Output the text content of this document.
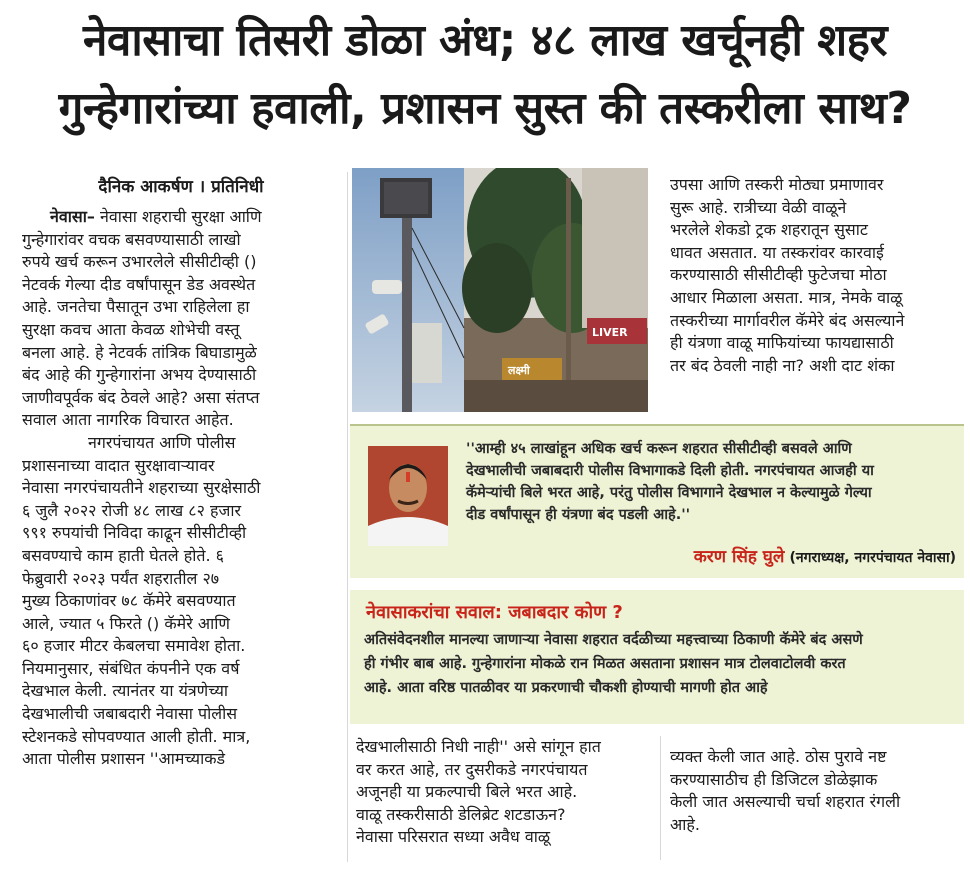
नेवासाचा तिसरी डोळा अंध; ४८ लाख खर्चूनही शहर
गुन्हेगारांच्या हवाली, प्रशासन सुस्त की तस्करीला साथ?
दैनिक आकर्षण । प्रतिनिधी
नेवासा– नेवासा शहराची सुरक्षा आणि
गुन्हेगारांवर वचक बसवण्यासाठी लाखो
रुपये खर्च करून उभारलेले सीसीटीव्ही ()
नेटवर्क गेल्या दीड वर्षांपासून डेड अवस्थेत
आहे. जनतेचा पैसातून उभा राहिलेला हा
सुरक्षा कवच आता केवळ शोभेची वस्तू
बनला आहे. हे नेटवर्क तांत्रिक बिघाडामुळे
बंद आहे की गुन्हेगारांना अभय देण्यासाठी
जाणीवपूर्वक बंद ठेवले आहे? असा संतप्त
सवाल आता नागरिक विचारत आहेत.
नगरपंचायत आणि पोलीस
प्रशासनाच्या वादात सुरक्षावाऱ्यावर
नेवासा नगरपंचायतीने शहराच्या सुरक्षेसाठी
६ जुलै २०२२ रोजी ४८ लाख ८२ हजार
९९१ रुपयांची निविदा काढून सीसीटीव्ही
बसवण्याचे काम हाती घेतले होते. ६
फेब्रुवारी २०२३ पर्यंत शहरातील २७
मुख्य ठिकाणांवर ७८ कॅमेरे बसवण्यात
आले, ज्यात ५ फिरते () कॅमेरे आणि
६० हजार मीटर केबलचा समावेश होता.
नियमानुसार, संबंधित कंपनीने एक वर्ष
देखभाल केली. त्यानंतर या यंत्रणेच्या
देखभालीची जबाबदारी नेवासा पोलीस
स्टेशनकडे सोपवण्यात आली होती. मात्र,
आता पोलीस प्रशासन ''आमच्याकडे
LIVER
लक्ष्मी
उपसा आणि तस्करी मोठ्या प्रमाणावर
सुरू आहे. रात्रीच्या वेळी वाळूने
भरलेले शेकडो ट्रक शहरातून सुसाट
धावत असतात. या तस्करांवर कारवाई
करण्यासाठी सीसीटीव्ही फुटेजचा मोठा
आधार मिळाला असता. मात्र, नेमके वाळू
तस्करीच्या मार्गावरील कॅमेरे बंद असल्याने
ही यंत्रणा वाळू माफियांच्या फायद्यासाठी
तर बंद ठेवली नाही ना? अशी दाट शंका
''आम्ही ४५ लाखांहून अधिक खर्च करून शहरात सीसीटीव्ही बसवले आणि
देखभालीची जबाबदारी पोलीस विभागाकडे दिली होती. नगरपंचायत आजही या
कॅमेऱ्यांची बिले भरत आहे, परंतु पोलीस विभागाने देखभाल न केल्यामुळे गेल्या
दीड वर्षांपासून ही यंत्रणा बंद पडली आहे.''
करण सिंह घुले (नगराध्यक्ष, नगरपंचायत नेवासा)
नेवासाकरांचा सवाल: जबाबदार कोण ?
अतिसंवेदनशील मानल्या जाणाऱ्या नेवासा शहरात वर्दळीच्या महत्त्वाच्या ठिकाणी कॅमेरे बंद असणे
ही गंभीर बाब आहे. गुन्हेगारांना मोकळे रान मिळत असताना प्रशासन मात्र टोलवाटोलवी करत
आहे. आता वरिष्ठ पातळीवर या प्रकरणाची चौकशी होण्याची मागणी होत आहे
देखभालीसाठी निधी नाही'' असे सांगून हात
वर करत आहे, तर दुसरीकडे नगरपंचायत
अजूनही या प्रकल्पाची बिले भरत आहे.
वाळू तस्करीसाठी डेलिब्रेट शटडाऊन?
नेवासा परिसरात सध्या अवैध वाळू
व्यक्त केली जात आहे. ठोस पुरावे नष्ट
करण्यासाठीच ही डिजिटल डोळेझाक
केली जात असल्याची चर्चा शहरात रंगली
आहे.
